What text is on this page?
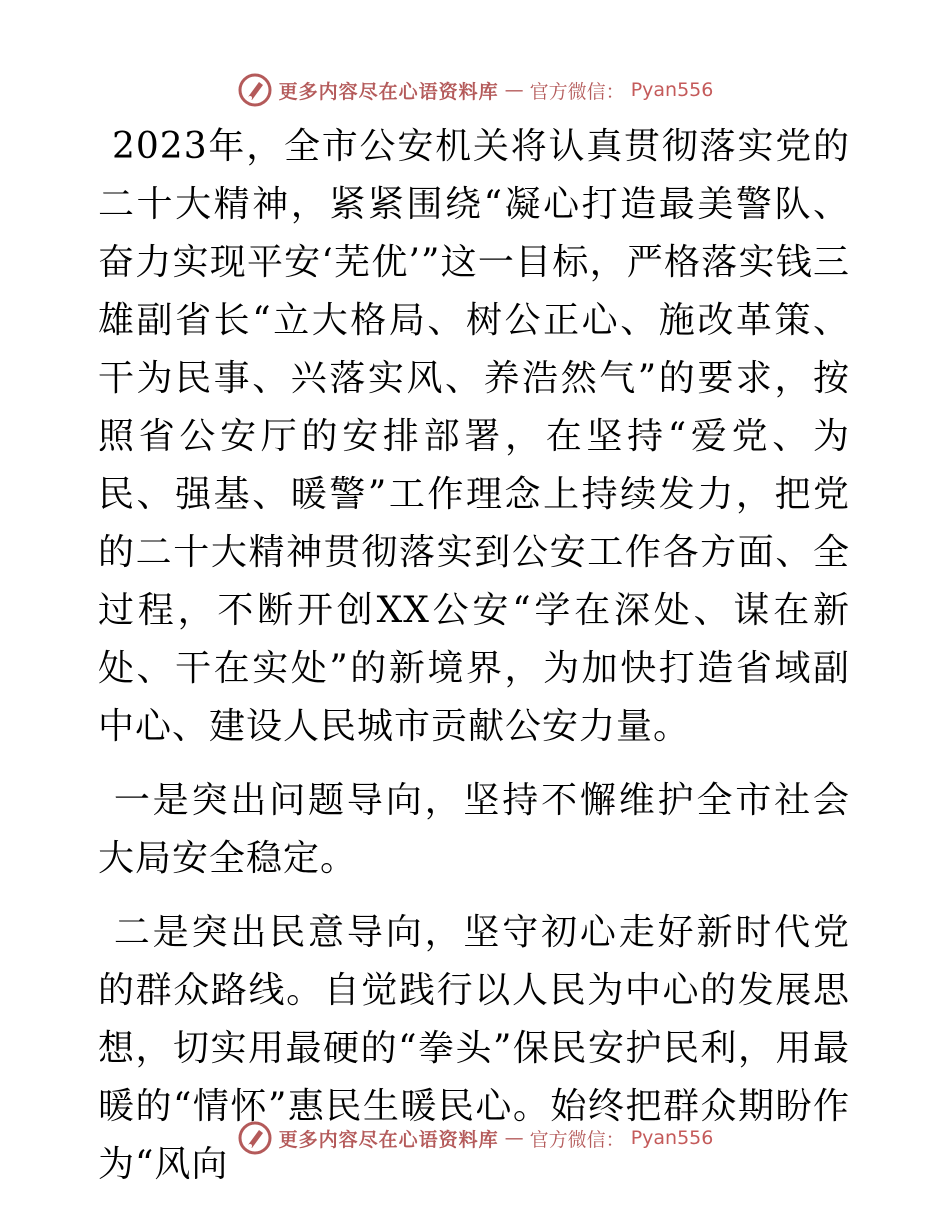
更多内容尽在心语资料库 — 官方微信： Pyan556

2023年，全市公安机关将认真贯彻落实党的二十大精神，紧紧围绕“凝心打造最美警队、奋力实现平安‘芜优’”这一目标，严格落实钱三雄副省长“立大格局、树公正心、施改革策、干为民事、兴落实风、养浩然气”的要求，按照省公安厅的安排部署，在坚持“爱党、为民、强基、暖警”工作理念上持续发力，把党的二十大精神贯彻落实到公安工作各方面、全过程，不断开创XX公安“学在深处、谋在新处、干在实处”的新境界，为加快打造省域副中心、建设人民城市贡献公安力量。

一是突出问题导向，坚持不懈维护全市社会大局安全稳定。

二是突出民意导向，坚守初心走好新时代党的群众路线。自觉践行以人民为中心的发展思想，切实用最硬的“拳头”保民安护民利，用最暖的“情怀”惠民生暖民心。始终把群众期盼作为“风向

更多内容尽在心语资料库 — 官方微信： Pyan556
